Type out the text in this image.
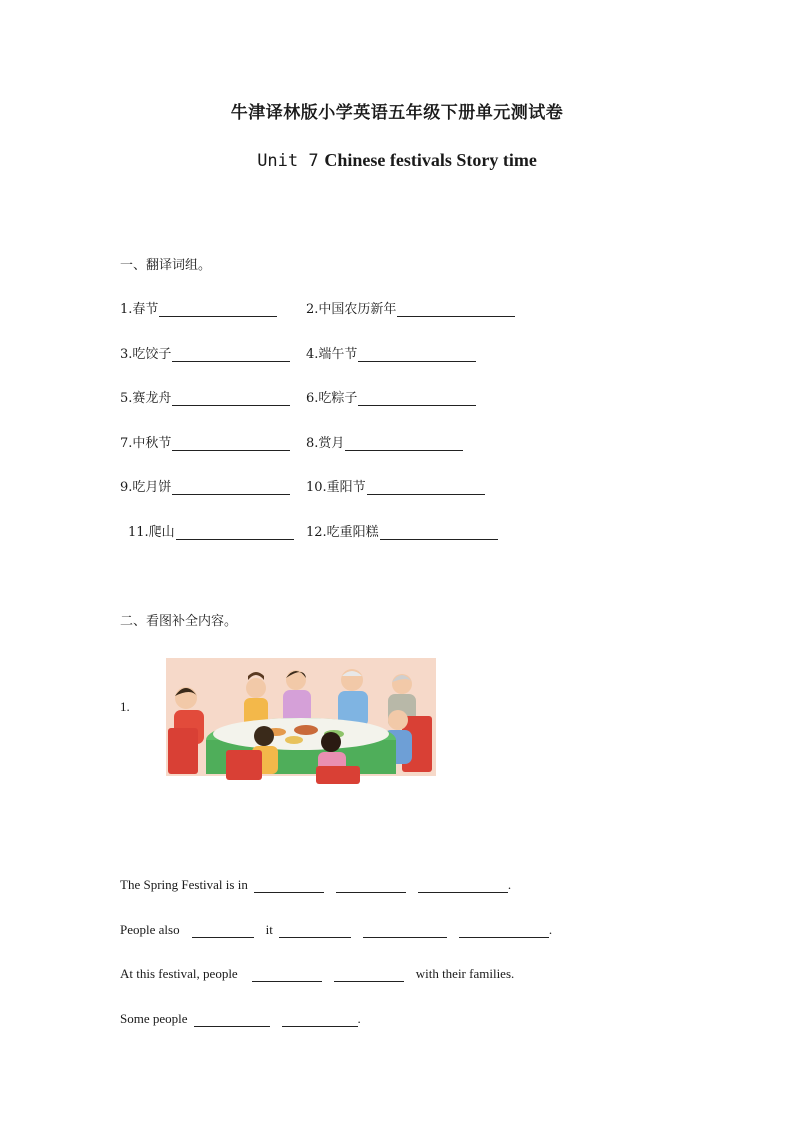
牛津译林版小学英语五年级下册单元测试卷
Unit 7 Chinese festivals Story time
一、翻译词组。
1.春节	2.中国农历新年
3.吃饺子	4.端午节
5.赛龙舟	6.吃粽子
7.中秋节	8.赏月
9.吃月饼	10.重阳节
11.爬山	12.吃重阳糕
二、看图补全内容。
1.
The Spring Festival is in	.
People also	it	.
At this festival, people	with their families.
Some people	.
